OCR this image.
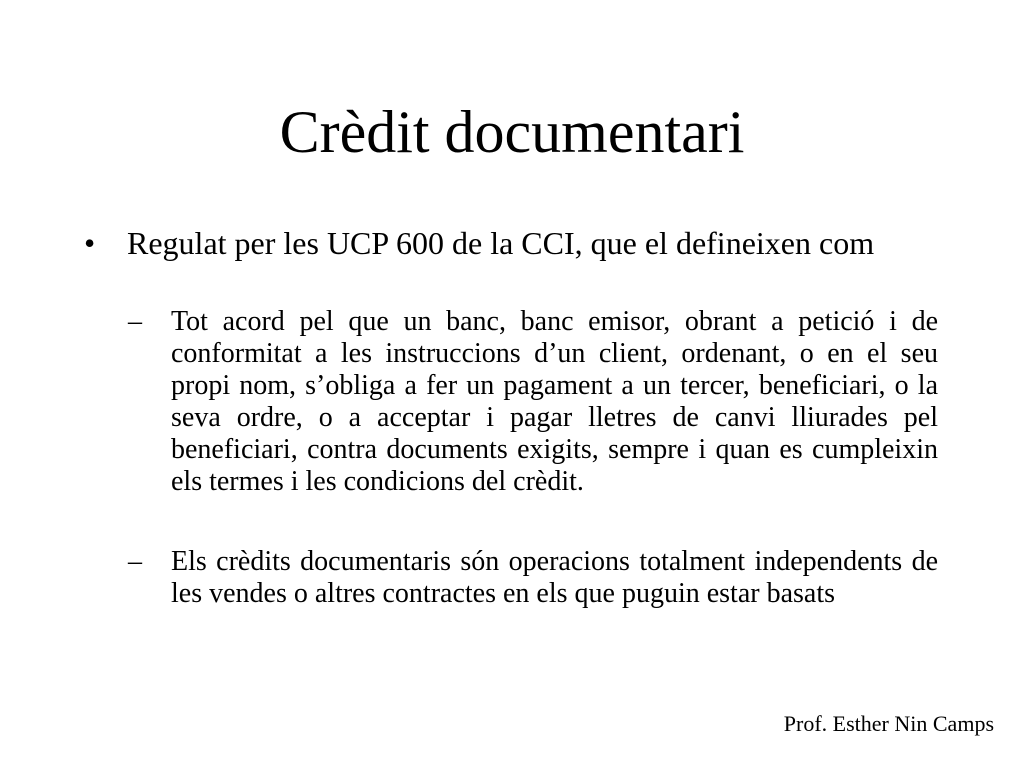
Crèdit documentari
• Regulat per les UCP 600 de la CCI, que el defineixen com
– Tot acord pel que un banc, banc emisor, obrant a petició i de conformitat a les instruccions d’un client, ordenant, o en el seu propi nom, s’obliga a fer un pagament a un tercer, beneficiari, o la seva ordre, o a acceptar i pagar lletres de canvi lliurades pel beneficiari, contra documents exigits, sempre i quan es cumpleixin els termes i les condicions del crèdit.
– Els crèdits documentaris són operacions totalment independents de les vendes o altres contractes en els que puguin estar basats
Prof. Esther Nin Camps
